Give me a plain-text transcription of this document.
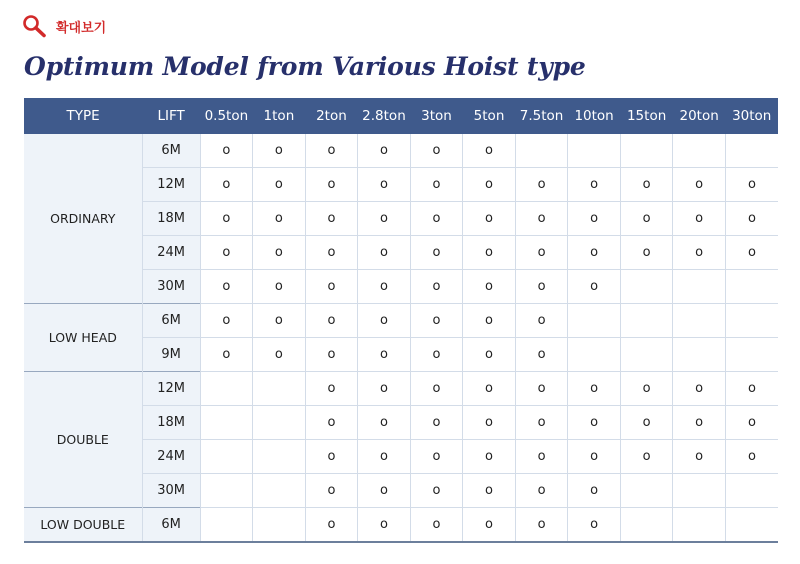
확대보기
Optimum Model from Various Hoist type
TYPE	LIFT	0.5ton	1ton	2ton	2.8ton	3ton	5ton	7.5ton	10ton	15ton	20ton	30ton
ORDINARY	6M	o	o	o	o	o	o					
	12M	o	o	o	o	o	o	o	o	o	o	o
	18M	o	o	o	o	o	o	o	o	o	o	o
	24M	o	o	o	o	o	o	o	o	o	o	o
	30M	o	o	o	o	o	o	o	o			
LOW HEAD	6M	o	o	o	o	o	o	o				
	9M	o	o	o	o	o	o	o				
DOUBLE	12M			o	o	o	o	o	o	o	o	o
	18M			o	o	o	o	o	o	o	o	o
	24M			o	o	o	o	o	o	o	o	o
	30M			o	o	o	o	o	o			
LOW DOUBLE	6M			o	o	o	o	o	o			
